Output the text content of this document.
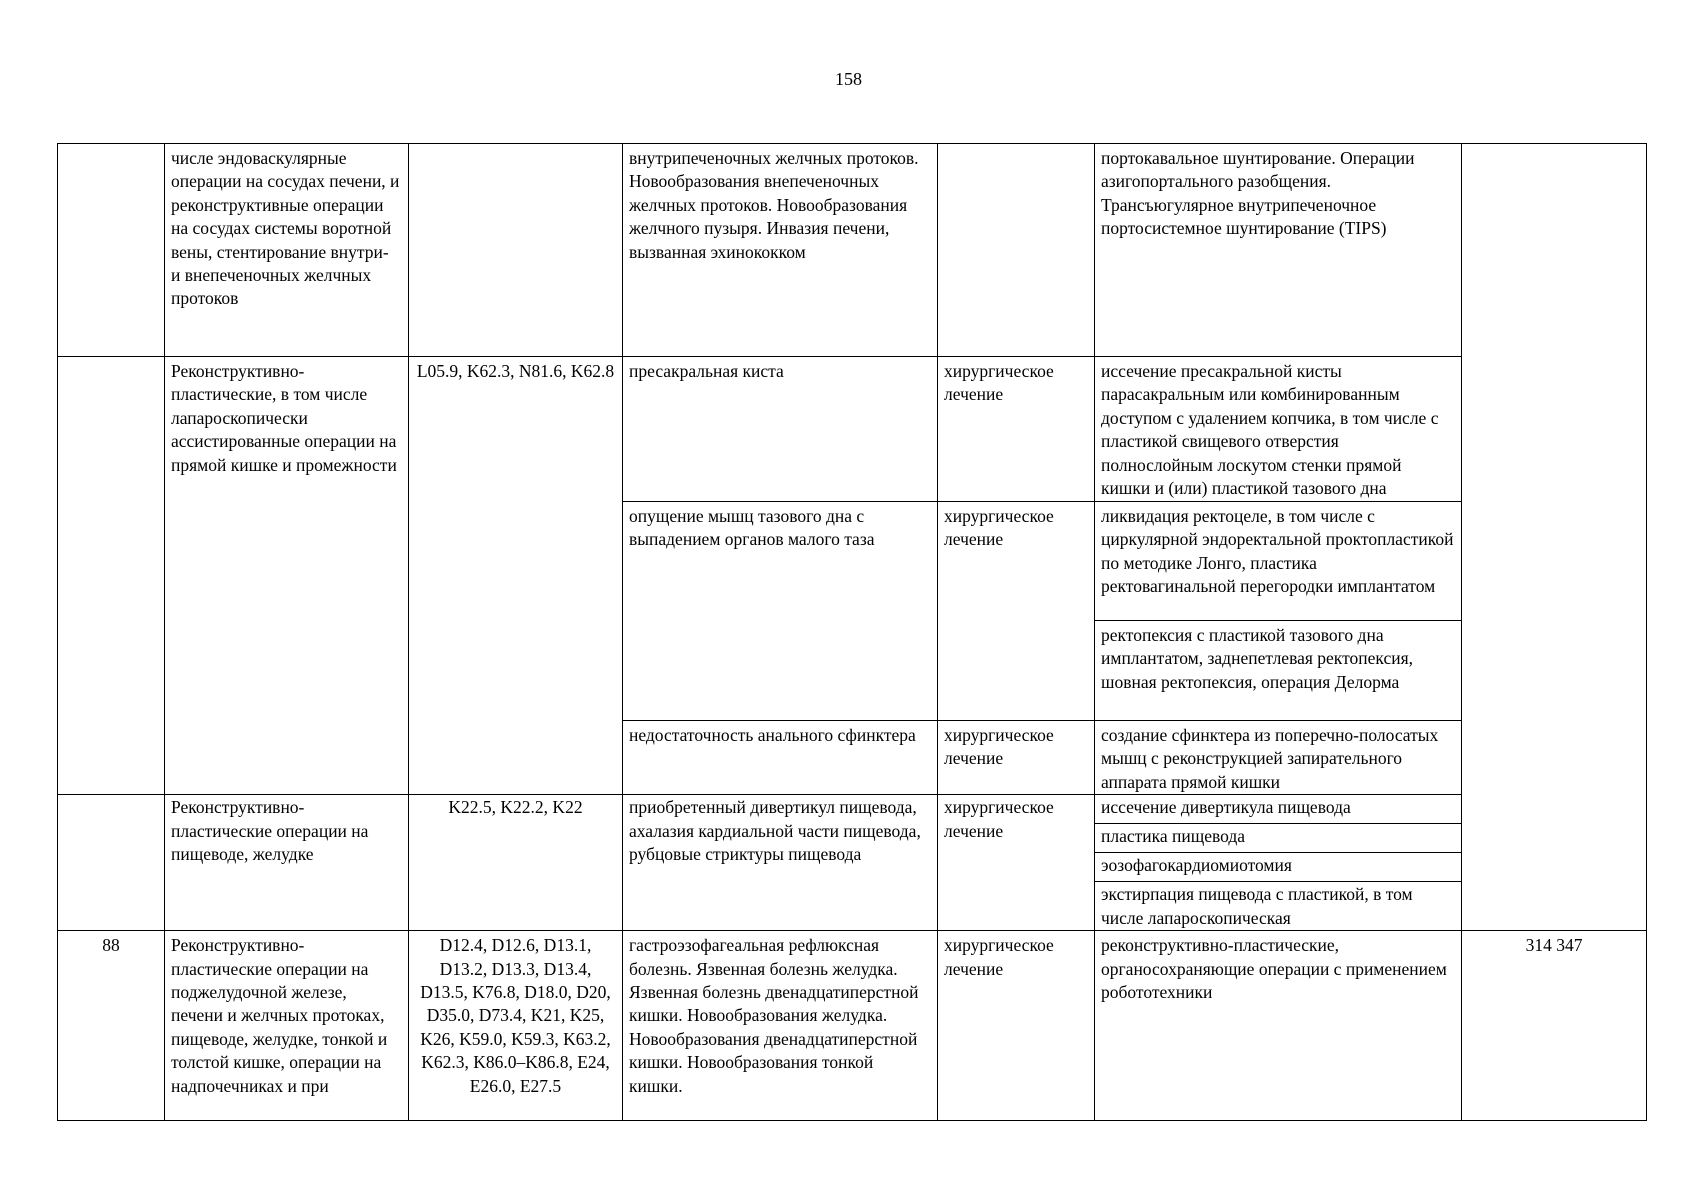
158
	числе эндоваскулярные операции на сосудах печени, и реконструктивные операции на сосудах системы воротной вены, стентирование внутри- и внепеченочных желчных протоков		внутрипеченочных желчных протоков. Новообразования внепеченочных желчных протоков. Новообразования желчного пузыря. Инвазия печени, вызванная эхинококком		портокавальное шунтирование. Операции азигопортального разобщения. Трансъюгулярное внутрипеченочное портосистемное шунтирование (TIPS)	
	Реконструктивно-пластические, в том числе лапароскопически ассистированные операции на прямой кишке и промежности	L05.9, K62.3, N81.6, K62.8	пресакральная киста	хирургическое лечение	иссечение пресакральной кисты парасакральным или комбинированным доступом с удалением копчика, в том числе с пластикой свищевого отверстия полнослойным лоскутом стенки прямой кишки и (или) пластикой тазового дна	
			опущение мышц тазового дна с выпадением органов малого таза	хирургическое лечение	ликвидация ректоцеле, в том числе с циркулярной эндоректальной проктопластикой по методике Лонго, пластика ректовагинальной перегородки имплантатом	
					ректопексия с пластикой тазового дна имплантатом, заднепетлевая ректопексия, шовная ректопексия, операция Делорма	
			недостаточность анального сфинктера	хирургическое лечение	создание сфинктера из поперечно-полосатых мышц с реконструкцией запирательного аппарата прямой кишки	
	Реконструктивно-пластические операции на пищеводе, желудке	K22.5, K22.2, K22	приобретенный дивертикул пищевода, ахалазия кардиальной части пищевода, рубцовые стриктуры пищевода	хирургическое лечение	иссечение дивертикула пищевода	
					пластика пищевода	
					эозофагокардиомиотомия	
					экстирпация пищевода с пластикой, в том числе лапароскопическая	
88	Реконструктивно-пластические операции на поджелудочной железе, печени и желчных протоках, пищеводе, желудке, тонкой и толстой кишке, операции на надпочечниках и при	D12.4, D12.6, D13.1, D13.2, D13.3, D13.4, D13.5, K76.8, D18.0, D20, D35.0, D73.4, K21, K25, K26, K59.0, K59.3, K63.2, K62.3, K86.0–K86.8, E24, E26.0, E27.5	гастроэзофагеальная рефлюксная болезнь. Язвенная болезнь желудка. Язвенная болезнь двенадцатиперстной кишки. Новообразования желудка. Новообразования двенадцатиперстной кишки. Новообразования тонкой кишки.	хирургическое лечение	реконструктивно-пластические, органосохраняющие операции с применением робототехники	314 347
